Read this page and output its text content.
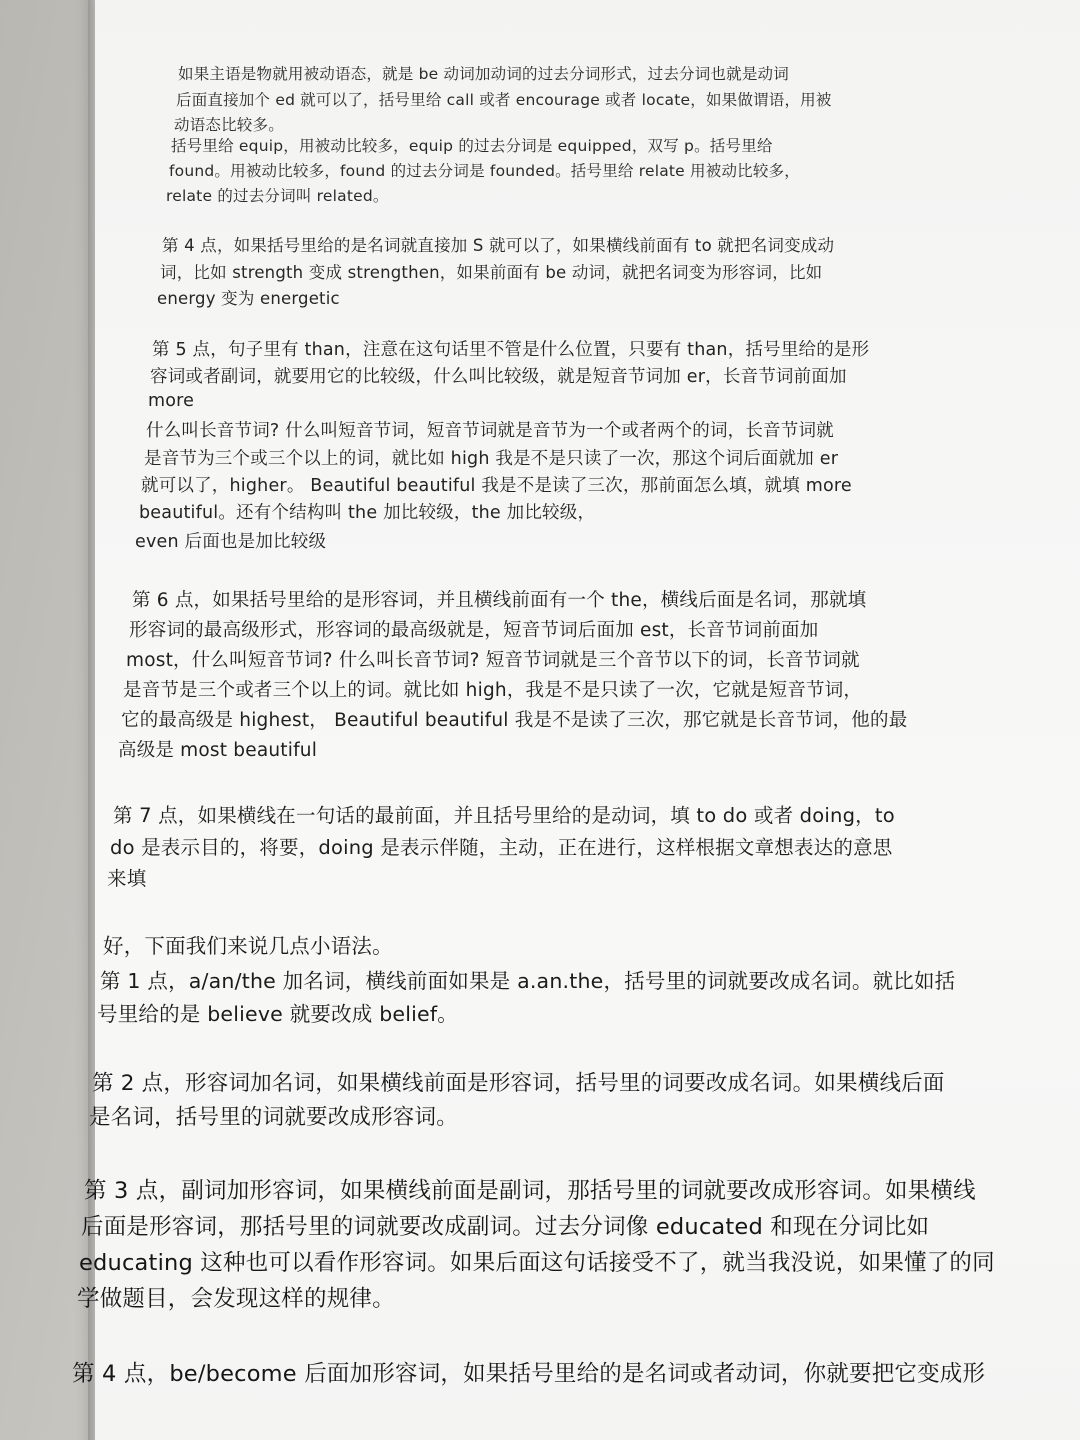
如果主语是物就用被动语态，就是 be 动词加动词的过去分词形式，过去分词也就是动词
后面直接加个 ed 就可以了，括号里给 call 或者 encourage 或者 locate，如果做谓语，用被
动语态比较多。
括号里给 equip，用被动比较多，equip 的过去分词是 equipped，双写 p。括号里给
found。用被动比较多，found 的过去分词是 founded。括号里给 relate 用被动比较多，
relate 的过去分词叫 related。
第 4 点，如果括号里给的是名词就直接加 S 就可以了，如果横线前面有 to 就把名词变成动
词，比如 strength 变成 strengthen，如果前面有 be 动词，就把名词变为形容词，比如
energy 变为 energetic
第 5 点，句子里有 than，注意在这句话里不管是什么位置，只要有 than，括号里给的是形
容词或者副词，就要用它的比较级，什么叫比较级，就是短音节词加 er，长音节词前面加
more
什么叫长音节词? 什么叫短音节词，短音节词就是音节为一个或者两个的词，长音节词就
是音节为三个或三个以上的词，就比如 high 我是不是只读了一次，那这个词后面就加 er
就可以了，higher。 Beautiful beautiful 我是不是读了三次，那前面怎么填，就填 more
beautiful。还有个结构叫 the 加比较级，the 加比较级，
even 后面也是加比较级
第 6 点，如果括号里给的是形容词，并且横线前面有一个 the，横线后面是名词，那就填
形容词的最高级形式，形容词的最高级就是，短音节词后面加 est，长音节词前面加
most，什么叫短音节词? 什么叫长音节词? 短音节词就是三个音节以下的词，长音节词就
是音节是三个或者三个以上的词。就比如 high，我是不是只读了一次，它就是短音节词，
它的最高级是 highest， Beautiful beautiful 我是不是读了三次，那它就是长音节词，他的最
高级是 most beautiful
第 7 点，如果横线在一句话的最前面，并且括号里给的是动词，填 to do 或者 doing，to
do 是表示目的，将要，doing 是表示伴随，主动，正在进行，这样根据文章想表达的意思
来填
好，下面我们来说几点小语法。
第 1 点，a/an/the 加名词，横线前面如果是 a.an.the，括号里的词就要改成名词。就比如括
号里给的是 believe 就要改成 belief。
第 2 点，形容词加名词，如果横线前面是形容词，括号里的词要改成名词。如果横线后面
是名词，括号里的词就要改成形容词。
第 3 点，副词加形容词，如果横线前面是副词，那括号里的词就要改成形容词。如果横线
后面是形容词，那括号里的词就要改成副词。过去分词像 educated 和现在分词比如
educating 这种也可以看作形容词。如果后面这句话接受不了，就当我没说，如果懂了的同
学做题目，会发现这样的规律。
第 4 点，be/become 后面加形容词，如果括号里给的是名词或者动词，你就要把它变成形
